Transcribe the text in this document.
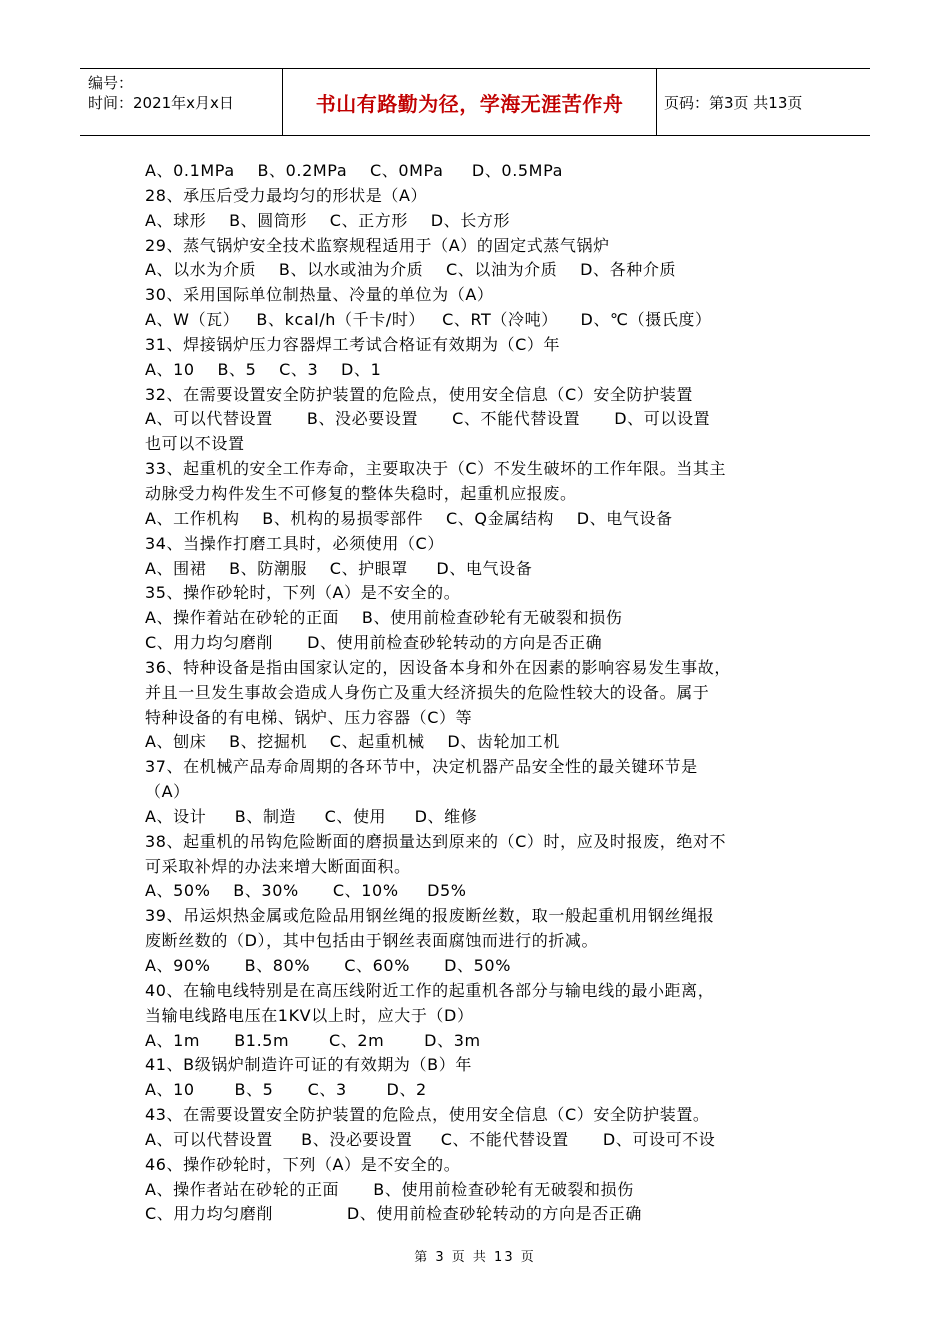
编号：
时间：2021年x月x日	书山有路勤为径，学海无涯苦作舟	页码：第3页 共13页
A、0.1MPa    B、0.2MPa    C、0MPa     D、0.5MPa
28、承压后受力最均匀的形状是（A）
A、球形    B、圆筒形    C、正方形    D、长方形
29、蒸气锅炉安全技术监察规程适用于（A）的固定式蒸气锅炉
A、以水为介质    B、以水或油为介质    C、以油为介质    D、各种介质
30、采用国际单位制热量、冷量的单位为（A）
A、W（瓦）   B、kcal/h（千卡/时）   C、RT（冷吨）    D、℃（摄氏度）
31、焊接锅炉压力容器焊工考试合格证有效期为（C）年
A、10    B、5    C、3    D、1
32、在需要设置安全防护装置的危险点，使用安全信息（C）安全防护装置
A、可以代替设置      B、没必要设置      C、不能代替设置      D、可以设置
也可以不设置
33、起重机的安全工作寿命，主要取决于（C）不发生破坏的工作年限。当其主
动脉受力构件发生不可修复的整体失稳时，起重机应报废。
A、工作机构    B、机构的易损零部件    C、Q金属结构    D、电气设备
34、当操作打磨工具时，必须使用（C）
A、围裙    B、防潮服    C、护眼罩     D、电气设备
35、操作砂轮时，下列（A）是不安全的。
A、操作着站在砂轮的正面    B、使用前检查砂轮有无破裂和损伤
C、用力均匀磨削      D、使用前检查砂轮转动的方向是否正确
36、特种设备是指由国家认定的，因设备本身和外在因素的影响容易发生事故，
并且一旦发生事故会造成人身伤亡及重大经济损失的危险性较大的设备。属于
特种设备的有电梯、锅炉、压力容器（C）等
A、刨床    B、挖掘机    C、起重机械    D、齿轮加工机
37、在机械产品寿命周期的各环节中，决定机器产品安全性的最关键环节是
（A）
A、设计     B、制造     C、使用     D、维修
38、起重机的吊钩危险断面的磨损量达到原来的（C）时，应及时报废，绝对不
可采取补焊的办法来增大断面面积。
A、50%    B、30%      C、10%     D5%
39、吊运炽热金属或危险品用钢丝绳的报废断丝数，取一般起重机用钢丝绳报
废断丝数的（D），其中包括由于钢丝表面腐蚀而进行的折减。
A、90%      B、80%      C、60%      D、50%
40、在输电线特别是在高压线附近工作的起重机各部分与输电线的最小距离，
当输电线路电压在1KV以上时，应大于（D）
A、1m      B1.5m       C、2m       D、3m
41、B级锅炉制造许可证的有效期为（B）年
A、10       B、5      C、3       D、2
43、在需要设置安全防护装置的危险点，使用安全信息（C）安全防护装置。
A、可以代替设置     B、没必要设置     C、不能代替设置      D、可设可不设
46、操作砂轮时，下列（A）是不安全的。
A、操作者站在砂轮的正面      B、使用前检查砂轮有无破裂和损伤
C、用力均匀磨削             D、使用前检查砂轮转动的方向是否正确
第 3 页 共 13 页
